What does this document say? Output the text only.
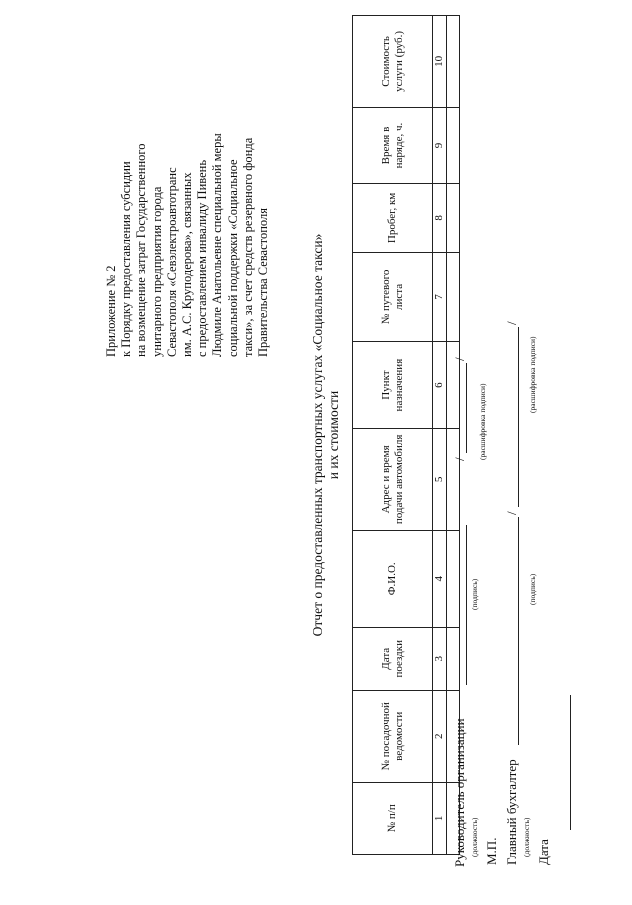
Приложение № 2 к Порядку предоставления субсидии на возмещение затрат Государственного унитарного предприятия города Севастополя «Севэлектроавтотранс им. А.С. Круподерова», связанных с предоставлением инвалиду Пивень Людмиле Анатольевне специальной меры социальной поддержки «Социальное такси», за счет средств резервного фонда Правительства Севастополя	Отчет о предоставленных транспортных услугах «Социальное такси» и их стоимости
№ п/п	№ посадочной ведомости	Дата поездки	Ф.И.О.	Адрес и время подачи автомобиля	Пункт назначения	№ путевого листа	Пробег, км	Время в наряде, ч.	Стоимость услуги (руб.)
1	2	3	4	5	6	7	8	9	10

Руководитель организации
/
/
(должность)
(подпись)
(расшифровка подписи)
М.П. Главный бухгалтер
/
/
(должность)
(подпись)
(расшифровка подписи)
Дата
